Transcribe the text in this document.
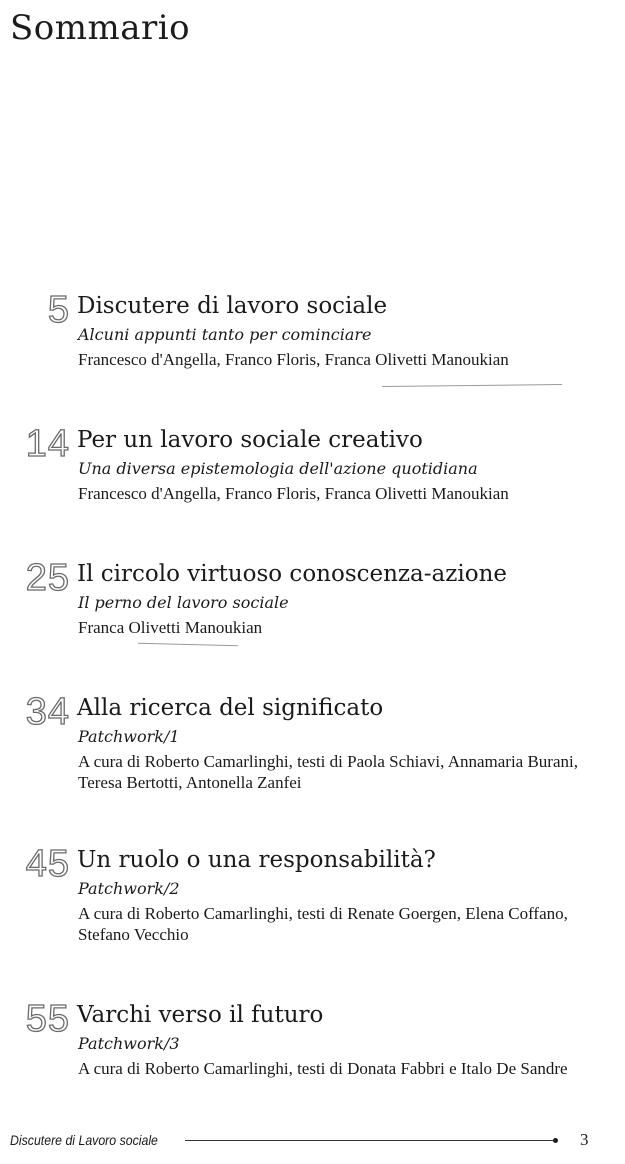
Sommario
5 Discutere di lavoro sociale
Alcuni appunti tanto per cominciare
Francesco d'Angella, Franco Floris, Franca Olivetti Manoukian
14 Per un lavoro sociale creativo
Una diversa epistemologia dell'azione quotidiana
Francesco d'Angella, Franco Floris, Franca Olivetti Manoukian
25 Il circolo virtuoso conoscenza-azione
Il perno del lavoro sociale
Franca Olivetti Manoukian
34 Alla ricerca del significato
Patchwork/1
A cura di Roberto Camarlinghi, testi di Paola Schiavi, Annamaria Burani, Teresa Bertotti, Antonella Zanfei
45 Un ruolo o una responsabilità?
Patchwork/2
A cura di Roberto Camarlinghi, testi di Renate Goergen, Elena Coffano, Stefano Vecchio
55 Varchi verso il futuro
Patchwork/3
A cura di Roberto Camarlinghi, testi di Donata Fabbri e Italo De Sandre
Discutere di Lavoro sociale	3
